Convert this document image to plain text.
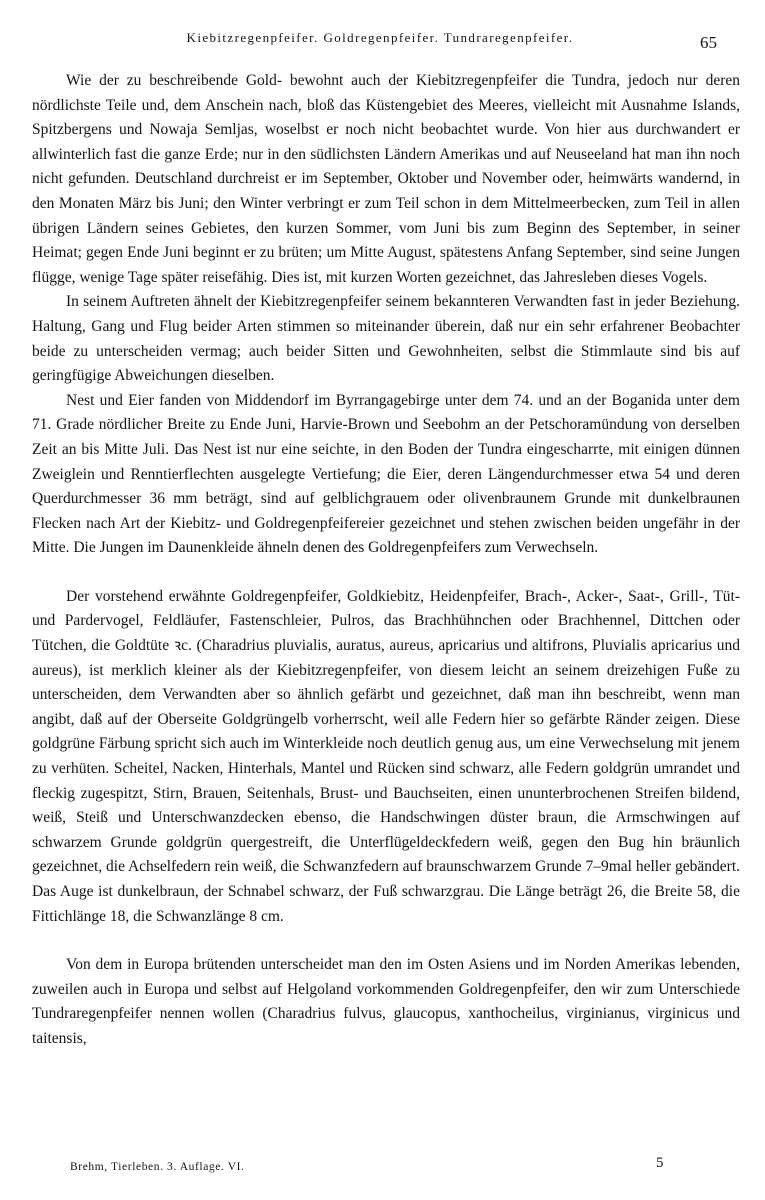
Kiebitzregenpfeifer. Goldregenpfeifer. Tundraregenpfeifer.	65

Wie der zu beschreibende Gold- bewohnt auch der Kiebitzregenpfeifer die Tundra, jedoch nur deren nördlichste Teile und, dem Anschein nach, bloß das Küstengebiet des Meeres, vielleicht mit Ausnahme Islands, Spitzbergens und Nowaja Semljas, woselbst er noch nicht beobachtet wurde. Von hier aus durchwandert er allwinterlich fast die ganze Erde; nur in den südlichsten Ländern Amerikas und auf Neuseeland hat man ihn noch nicht gefunden. Deutschland durchreist er im September, Oktober und November oder, heimwärts wandernd, in den Monaten März bis Juni; den Winter verbringt er zum Teil schon in dem Mittelmeerbecken, zum Teil in allen übrigen Ländern seines Gebietes, den kurzen Sommer, vom Juni bis zum Beginn des September, in seiner Heimat; gegen Ende Juni beginnt er zu brüten; um Mitte August, spätestens Anfang September, sind seine Jungen flügge, wenige Tage später reisefähig. Dies ist, mit kurzen Worten gezeichnet, das Jahresleben dieses Vogels.

In seinem Auftreten ähnelt der Kiebitzregenpfeifer seinem bekannteren Verwandten fast in jeder Beziehung. Haltung, Gang und Flug beider Arten stimmen so miteinander überein, daß nur ein sehr erfahrener Beobachter beide zu unterscheiden vermag; auch beider Sitten und Gewohnheiten, selbst die Stimmlaute sind bis auf geringfügige Abweichungen dieselben.

Nest und Eier fanden von Middendorf im Byrrangagebirge unter dem 74. und an der Boganida unter dem 71. Grade nördlicher Breite zu Ende Juni, Harvie-Brown und Seebohm an der Petschoramündung von derselben Zeit an bis Mitte Juli. Das Nest ist nur eine seichte, in den Boden der Tundra eingescharrte, mit einigen dünnen Zweiglein und Renntierflechten ausgelegte Vertiefung; die Eier, deren Längendurchmesser etwa 54 und deren Querdurchmesser 36 mm beträgt, sind auf gelblichgrauem oder olivenbraunem Grunde mit dunkelbraunen Flecken nach Art der Kiebitz- und Goldregenpfeifereier gezeichnet und stehen zwischen beiden ungefähr in der Mitte. Die Jungen im Daunenkleide ähneln denen des Goldregenpfeifers zum Verwechseln.

Der vorstehend erwähnte Goldregenpfeifer, Goldkiebitz, Heidenpfeifer, Brach-, Acker-, Saat-, Grill-, Tüt- und Pardervogel, Feldläufer, Fastenschleier, Pulros, das Brachhühnchen oder Brachhennel, Dittchen oder Tütchen, die Goldtüte ꝛc. (Charadrius pluvialis, auratus, aureus, apricarius und altifrons, Pluvialis apricarius und aureus), ist merklich kleiner als der Kiebitzregenpfeifer, von diesem leicht an seinem dreizehigen Fuße zu unterscheiden, dem Verwandten aber so ähnlich gefärbt und gezeichnet, daß man ihn beschreibt, wenn man angibt, daß auf der Oberseite Goldgrüngelb vorherrscht, weil alle Federn hier so gefärbte Ränder zeigen. Diese goldgrüne Färbung spricht sich auch im Winterkleide noch deutlich genug aus, um eine Verwechselung mit jenem zu verhüten. Scheitel, Nacken, Hinterhals, Mantel und Rücken sind schwarz, alle Federn goldgrün umrandet und fleckig zugespitzt, Stirn, Brauen, Seitenhals, Brust- und Bauchseiten, einen ununterbrochenen Streifen bildend, weiß, Steiß und Unterschwanzdecken ebenso, die Handschwingen düster braun, die Armschwingen auf schwarzem Grunde goldgrün quergestreift, die Unterflügeldeckfedern weiß, gegen den Bug hin bräunlich gezeichnet, die Achselfedern rein weiß, die Schwanzfedern auf braunschwarzem Grunde 7–9mal heller gebändert. Das Auge ist dunkelbraun, der Schnabel schwarz, der Fuß schwarzgrau. Die Länge beträgt 26, die Breite 58, die Fittichlänge 18, die Schwanzlänge 8 cm.

Von dem in Europa brütenden unterscheidet man den im Osten Asiens und im Norden Amerikas lebenden, zuweilen auch in Europa und selbst auf Helgoland vorkommenden Goldregenpfeifer, den wir zum Unterschiede Tundraregenpfeifer nennen wollen (Charadrius fulvus, glaucopus, xanthocheilus, virginianus, virginicus und taitensis,

Brehm, Tierleben. 3. Auflage. VI.	5
